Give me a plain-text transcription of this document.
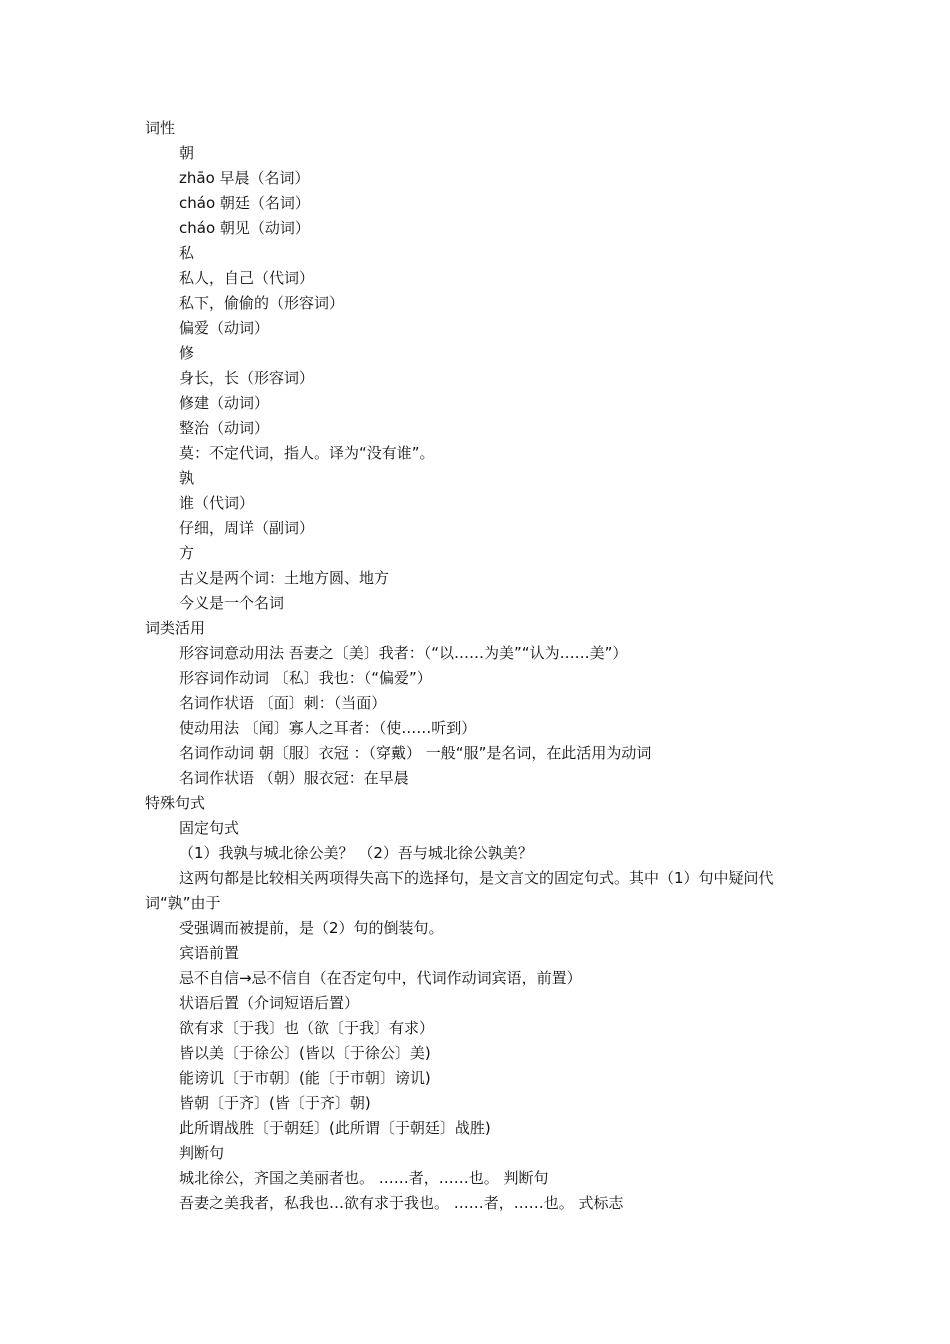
词性
朝
zhāo 早晨（名词）
cháo 朝廷（名词）
cháo 朝见（动词）
私
私人，自己（代词）
私下，偷偷的（形容词）
偏爱（动词）
修
身长，长（形容词）
修建（动词）
整治（动词）
莫：不定代词，指人。译为“没有谁”。
孰
谁（代词）
仔细，周详（副词）
方
古义是两个词：土地方圆、地方
今义是一个名词
词类活用
形容词意动用法 吾妻之〔美〕我者：（“以……为美”“认为……美”）
形容词作动词 〔私〕我也：（“偏爱”）
名词作状语 〔面〕刺：（当面）
使动用法 〔闻〕寡人之耳者：（使……听到）
名词作动词 朝〔服〕衣冠 ：（穿戴） 一般“服”是名词，在此活用为动词
名词作状语 （朝）服衣冠：在早晨
特殊句式
固定句式
（1）我孰与城北徐公美？ （2）吾与城北徐公孰美？
这两句都是比较相关两项得失高下的选择句，是文言文的固定句式。其中（1）句中疑问代词“孰”由于
受强调而被提前，是（2）句的倒装句。
宾语前置
忌不自信→忌不信自（在否定句中，代词作动词宾语，前置）
状语后置（介词短语后置）
欲有求〔于我〕也（欲〔于我〕有求）
皆以美〔于徐公〕(皆以〔于徐公〕美)
能谤讥〔于市朝〕(能〔于市朝〕谤讥)
皆朝〔于齐〕(皆〔于齐〕朝)
此所谓战胜〔于朝廷〕(此所谓〔于朝廷〕战胜)
判断句
城北徐公，齐国之美丽者也。 ……者，……也。 判断句
吾妻之美我者，私我也…欲有求于我也。 ……者，……也。 式标志
